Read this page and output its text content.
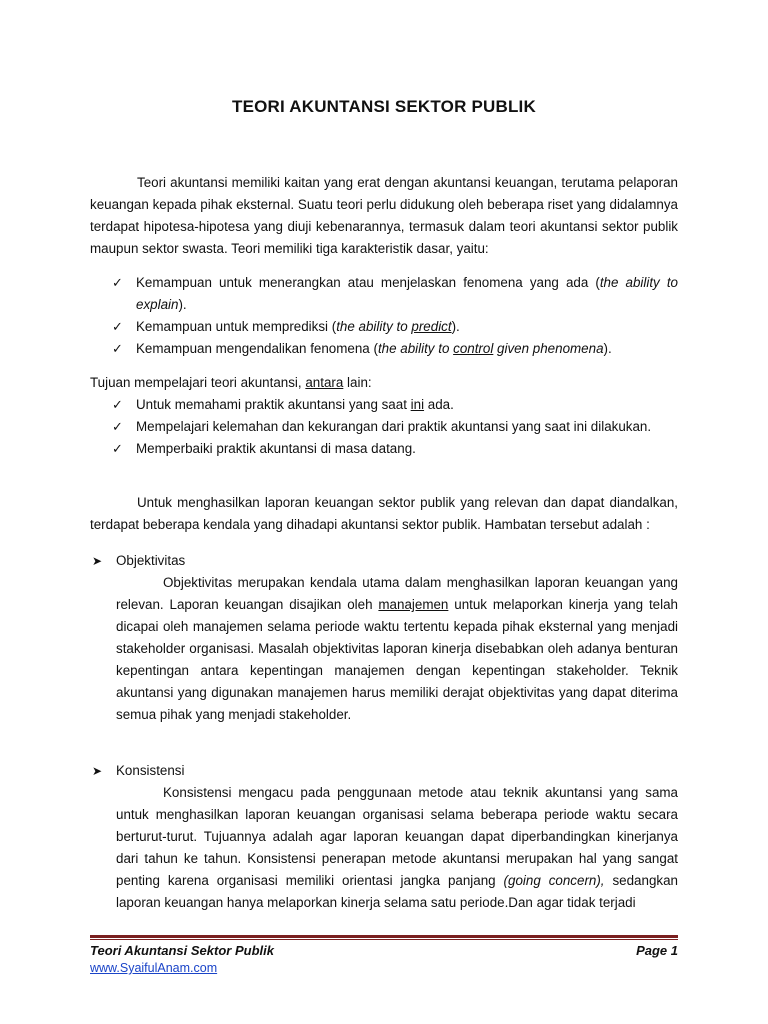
TEORI AKUNTANSI SEKTOR PUBLIK
Teori akuntansi memiliki kaitan yang erat dengan akuntansi keuangan, terutama pelaporan keuangan kepada pihak eksternal. Suatu teori perlu didukung oleh beberapa riset yang didalamnya terdapat hipotesa-hipotesa yang diuji kebenarannya, termasuk dalam teori akuntansi sektor publik maupun sektor swasta. Teori memiliki tiga karakteristik dasar, yaitu:
✓ Kemampuan untuk menerangkan atau menjelaskan fenomena yang ada (the ability to explain).
✓ Kemampuan untuk memprediksi (the ability to predict).
✓ Kemampuan mengendalikan fenomena (the ability to control given phenomena).
Tujuan mempelajari teori akuntansi, antara lain:
✓ Untuk memahami praktik akuntansi yang saat ini ada.
✓ Mempelajari kelemahan dan kekurangan dari praktik akuntansi yang saat ini dilakukan.
✓ Memperbaiki praktik akuntansi di masa datang.
Untuk menghasilkan laporan keuangan sektor publik yang relevan dan dapat diandalkan, terdapat beberapa kendala yang dihadapi akuntansi sektor publik. Hambatan tersebut adalah :
➤ Objektivitas
Objektivitas merupakan kendala utama dalam menghasilkan laporan keuangan yang relevan. Laporan keuangan disajikan oleh manajemen untuk melaporkan kinerja yang telah dicapai oleh manajemen selama periode waktu tertentu kepada pihak eksternal yang menjadi stakeholder organisasi. Masalah objektivitas laporan kinerja disebabkan oleh adanya benturan kepentingan antara kepentingan manajemen dengan kepentingan stakeholder. Teknik akuntansi yang digunakan manajemen harus memiliki derajat objektivitas yang dapat diterima semua pihak yang menjadi stakeholder.
➤ Konsistensi
Konsistensi mengacu pada penggunaan metode atau teknik akuntansi yang sama untuk menghasilkan laporan keuangan organisasi selama beberapa periode waktu secara berturut-turut. Tujuannya adalah agar laporan keuangan dapat diperbandingkan kinerjanya dari tahun ke tahun. Konsistensi penerapan metode akuntansi merupakan hal yang sangat penting karena organisasi memiliki orientasi jangka panjang (going concern), sedangkan laporan keuangan hanya melaporkan kinerja selama satu periode.Dan agar tidak terjadi
Teori Akuntansi Sektor Publik	Page 1
www.SyaifulAnam.com
